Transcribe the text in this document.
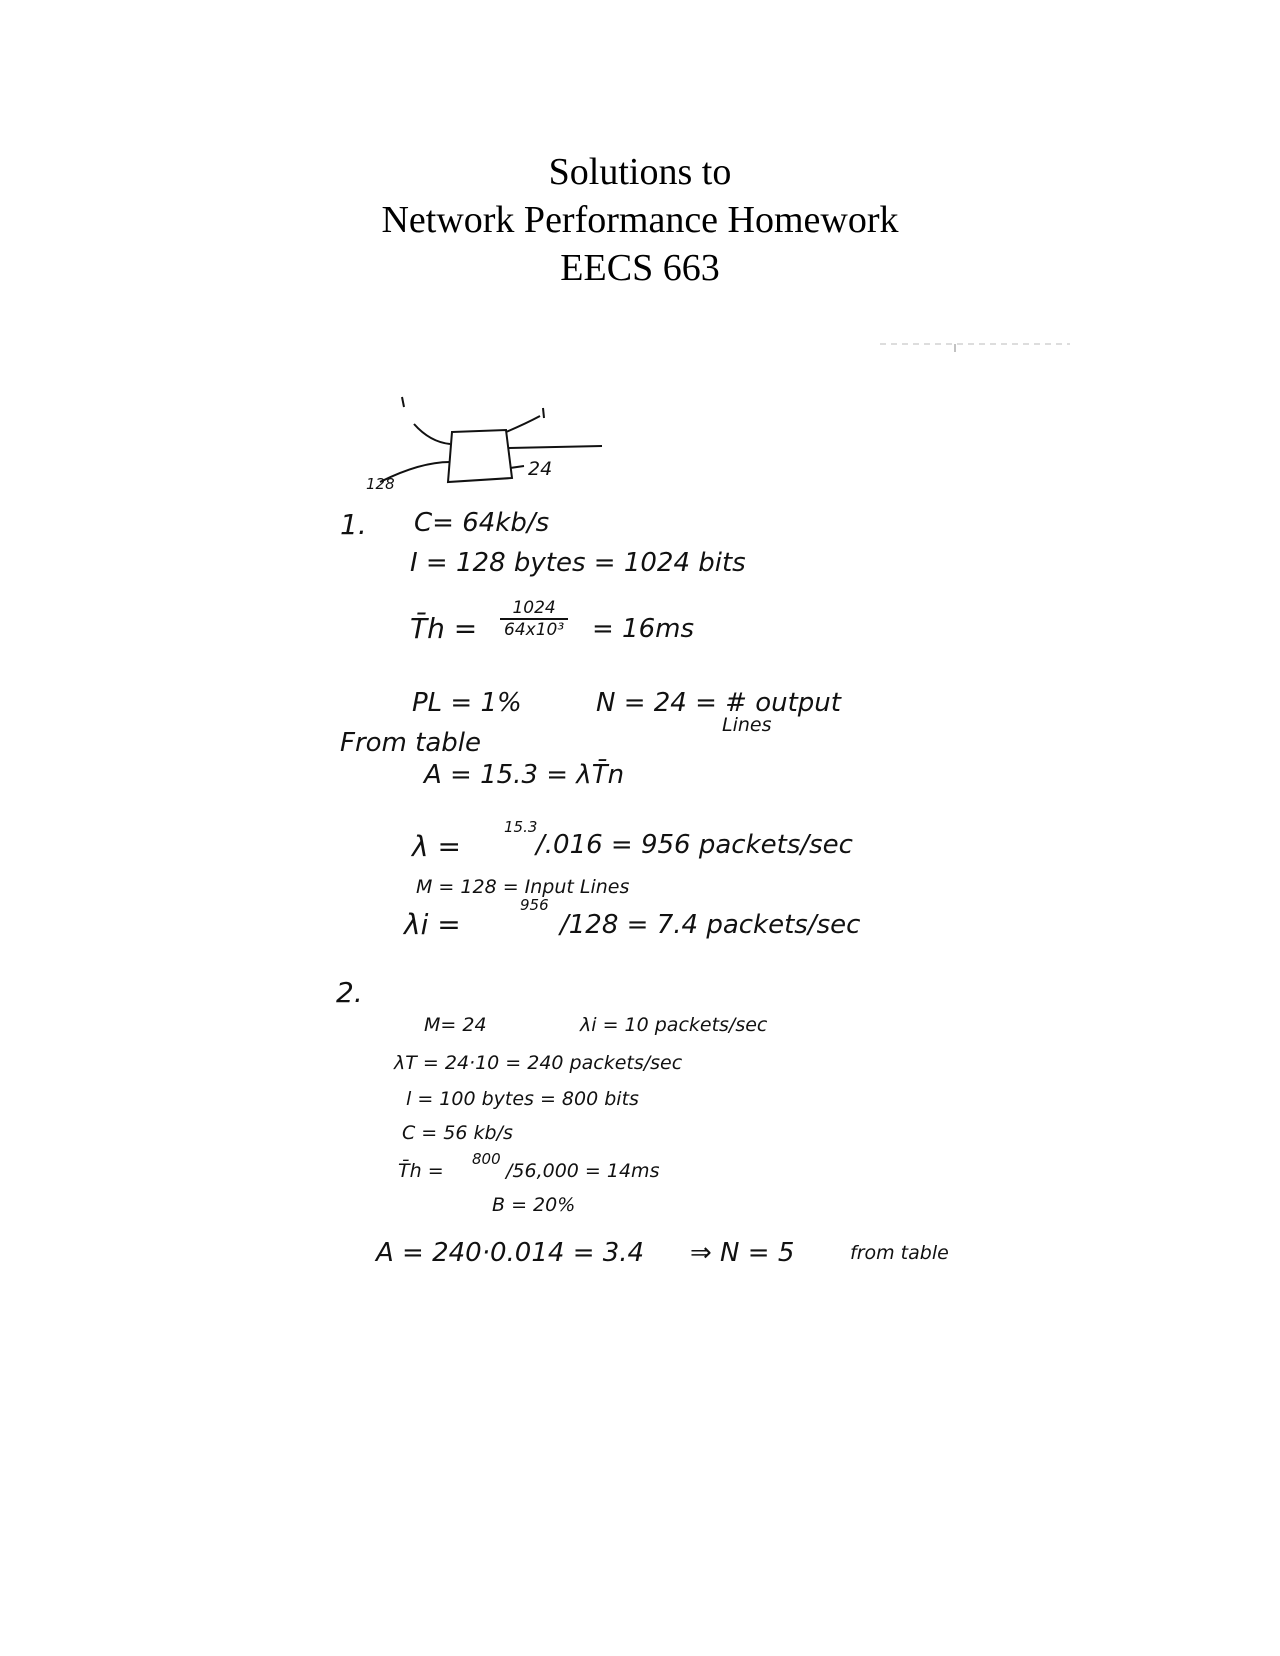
Solutions to
Network Performance Homework
EECS 663
128
24
1. C= 64kb/s
I = 128 bytes = 1024 bits
T̄h = $\frac{1024}{\text{64x10³}} = 16ms$
PL = 1%	N = 24 = # output
Lines
From table
A = 15.3 = λT̄n
λ =
15.3
/.016 = 956 packets/sec
M = 128 = Input Lines
λi =
956
/128 = 7.4 packets/sec
2.
M= 24	λi = 10 packets/sec
λT = 24·10 = 240 packets/sec
l = 100 bytes = 800 bits
C = 56 kb/s
T̄h =
800
/56,000 = 14ms
B = 20%
A = 240·0.014 = 3.4 ⇒ N = 5	from table
